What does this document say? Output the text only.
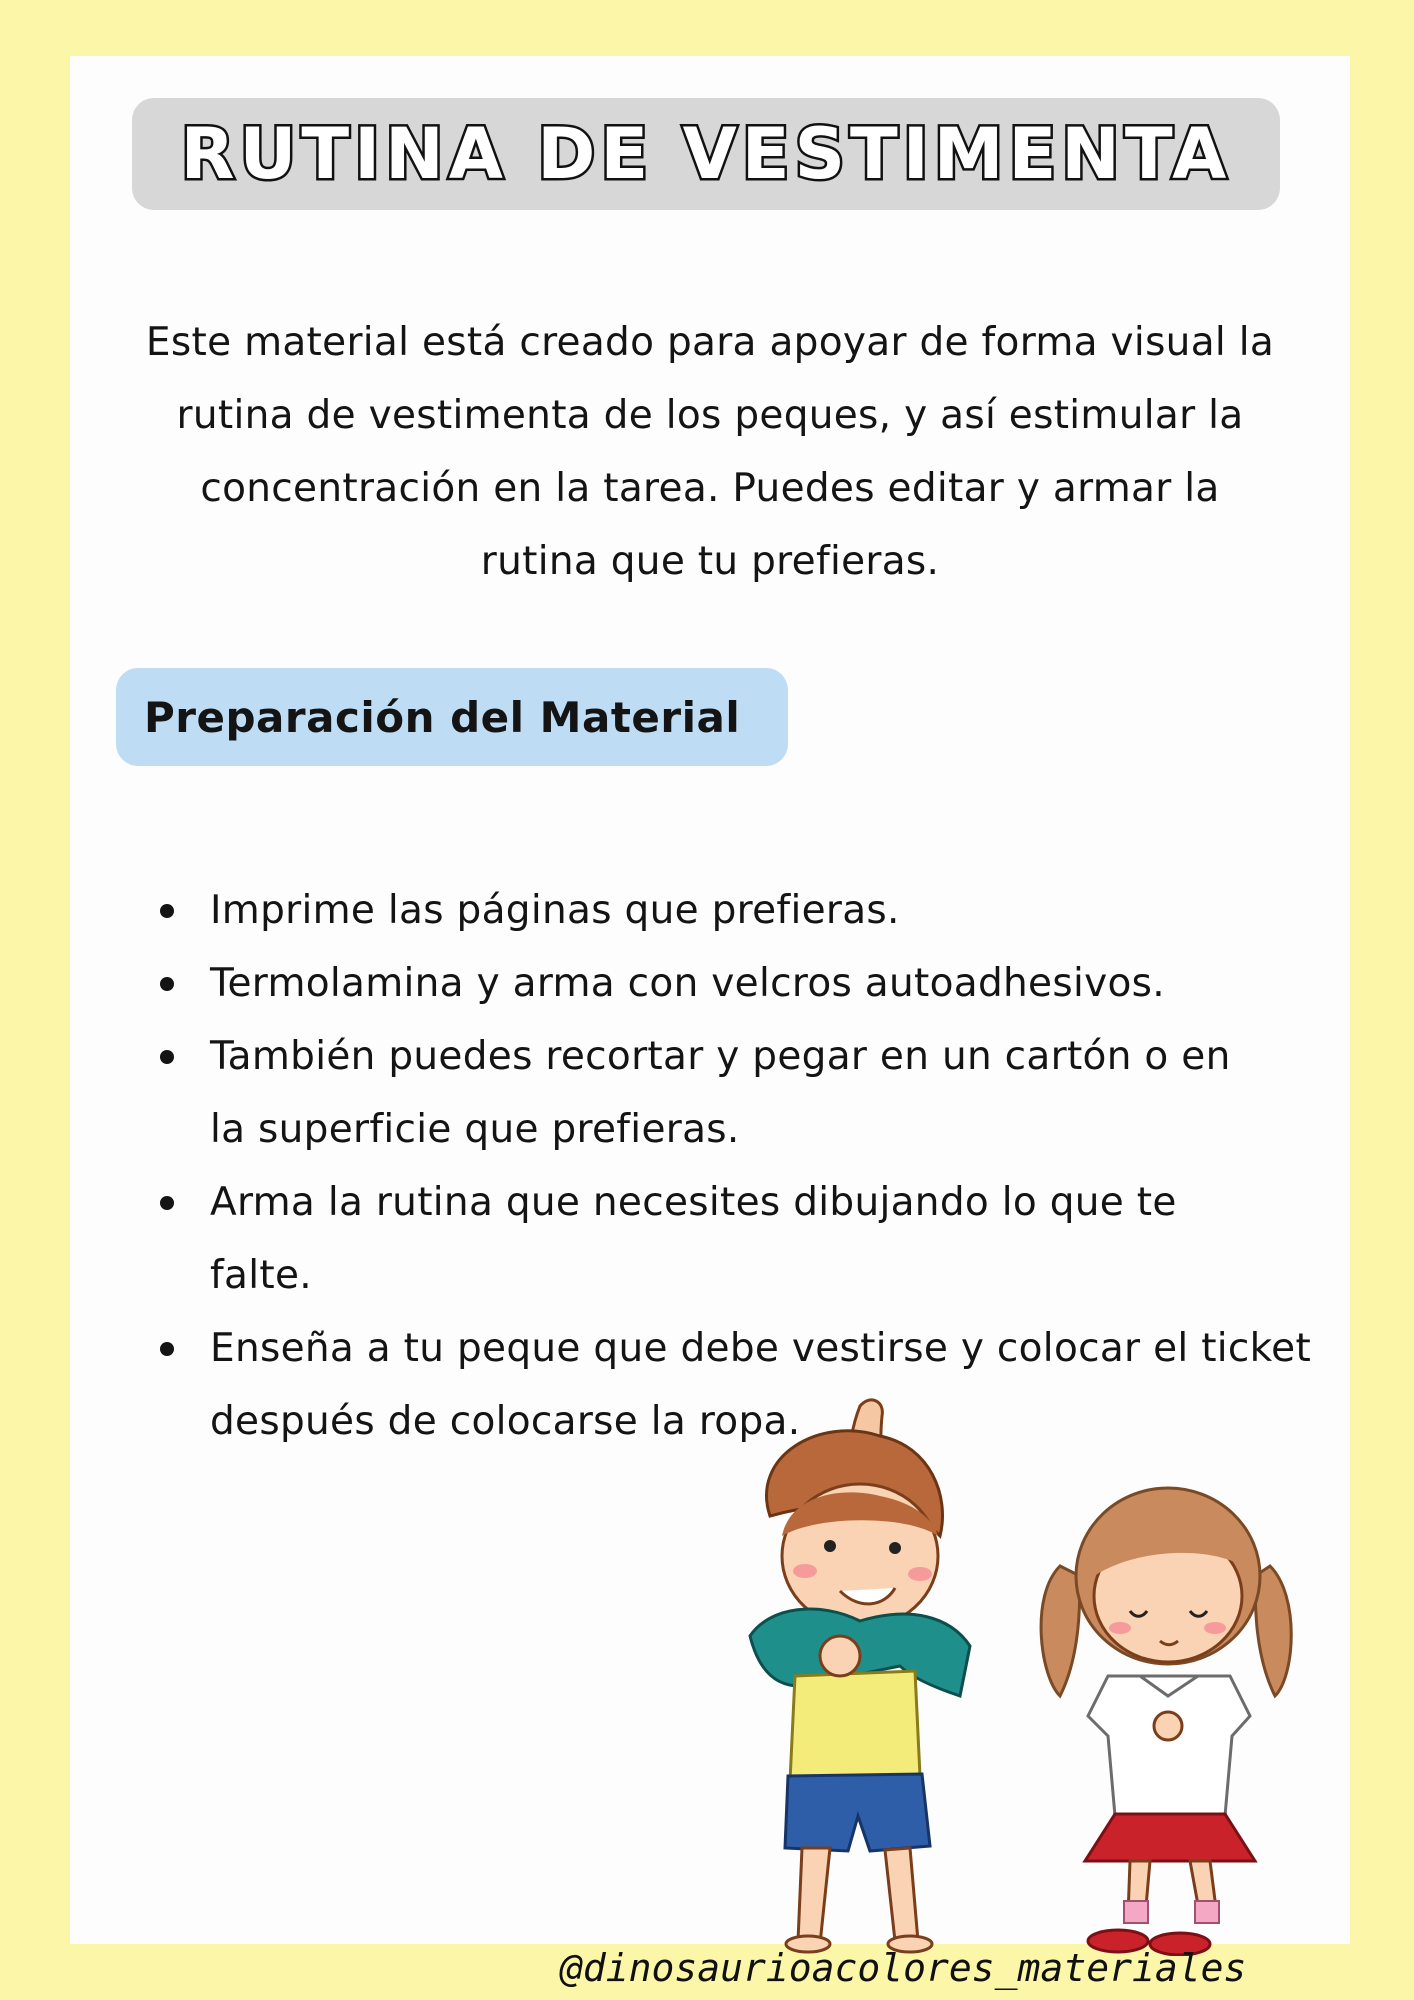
RUTINA DE VESTIMENTA

Este material está creado para apoyar de forma visual la
rutina de vestimenta de los peques, y así estimular la
concentración en la tarea. Puedes editar y armar la
rutina que tu prefieras.

Preparación del Material
Imprime las páginas que prefieras.
Termolamina y arma con velcros autoadhesivos.
También puedes recortar y pegar en un cartón o en
la superficie que prefieras.
Arma la rutina que necesites dibujando lo que te
falte.
Enseña a tu peque que debe vestirse y colocar el ticket
después de colocarse la ropa.

@dinosaurioacolores_materiales
